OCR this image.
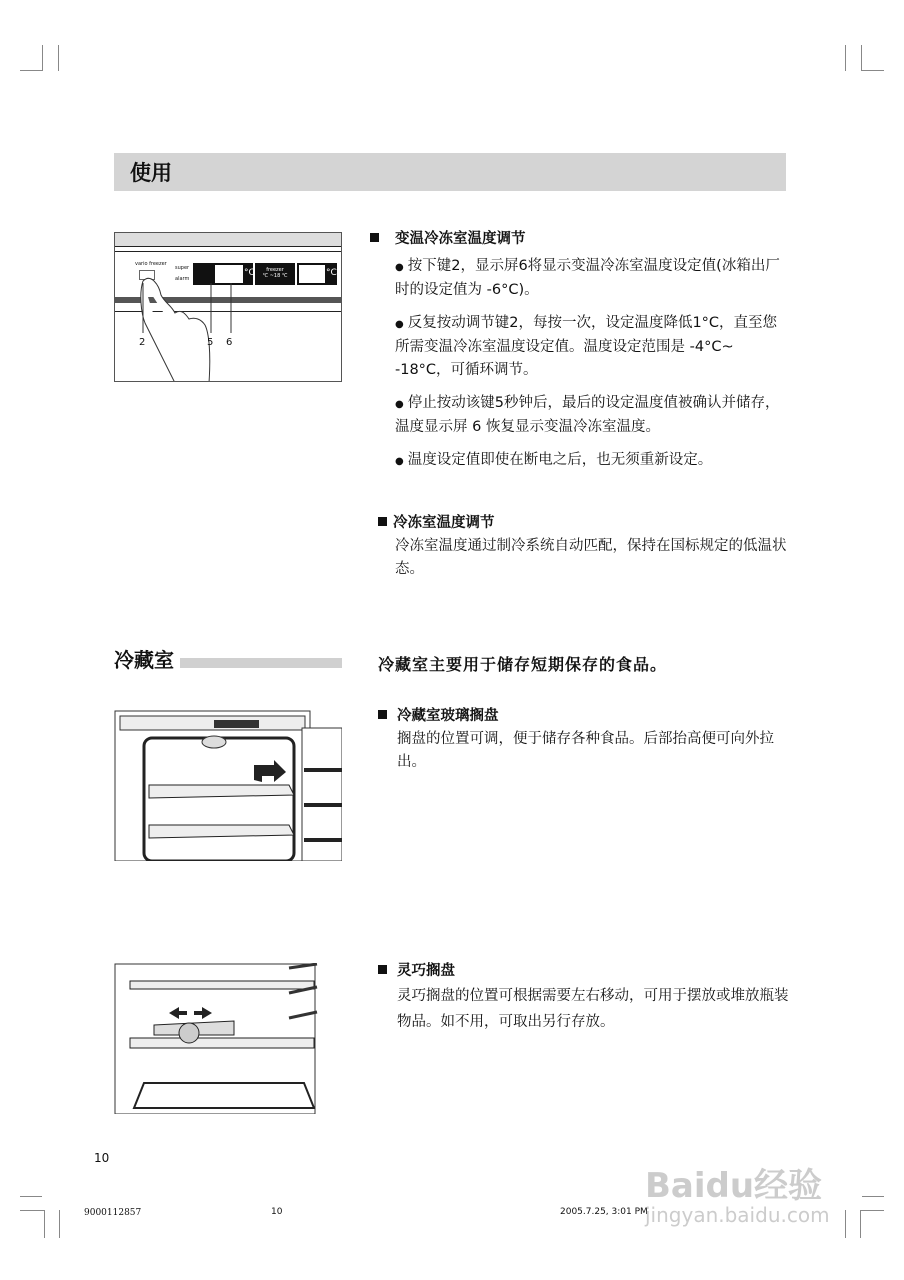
使用
vario freezer
super
alarm
°C	freezer
℃ ~18 ℃	°C
2	5 6
变温冷冻室温度调节
● 按下键2，显示屏6将显示变温冷冻室温度设定值(冰箱出厂时的设定值为 -6°C)。
● 反复按动调节键2，每按一次，设定温度降低1°C，直至您所需变温冷冻室温度设定值。温度设定范围是 -4°C~ -18°C，可循环调节。
● 停止按动该键5秒钟后，最后的设定温度值被确认并储存，温度显示屏 6 恢复显示变温冷冻室温度。
● 温度设定值即使在断电之后，也无须重新设定。
冷冻室温度调节
冷冻室温度通过制冷系统自动匹配，保持在国标规定的低温状态。
冷藏室	冷藏室主要用于储存短期保存的食品。
冷藏室玻璃搁盘
搁盘的位置可调，便于储存各种食品。后部抬高便可向外拉出。
灵巧搁盘
灵巧搁盘的位置可根据需要左右移动，可用于摆放或堆放瓶装物品。如不用，可取出另行存放。
10
9000112857	10	2005.7.25, 3:01 PM
Baidu经验
jingyan.baidu.com
